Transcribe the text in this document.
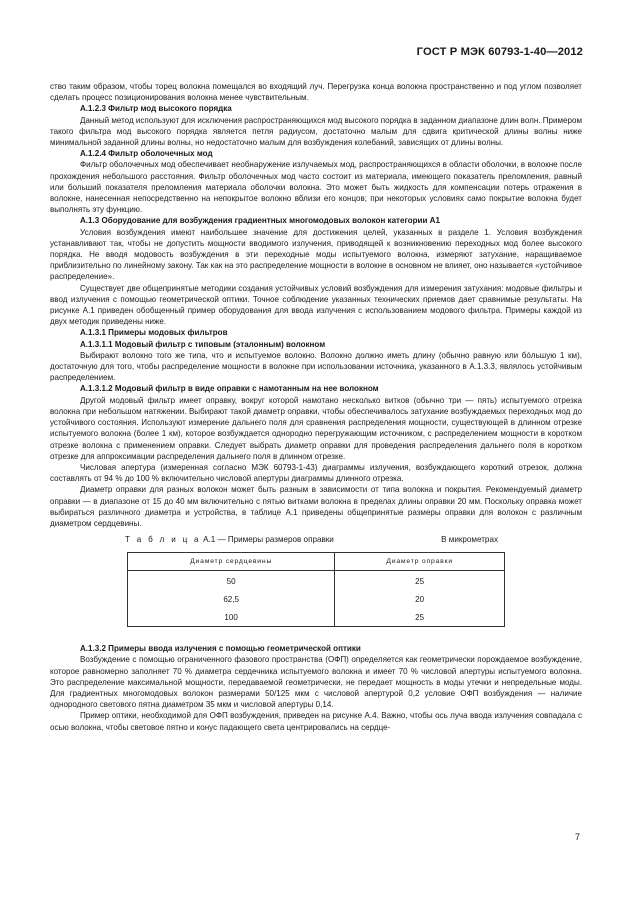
ГОСТ Р МЭК 60793-1-40—2012
ство таким образом, чтобы торец волокна помещался во входящий луч. Перегрузка конца волокна пространственно и под углом позволяет сделать процесс позиционирования волокна менее чувствительным.
А.1.2.3 Фильтр мод высокого порядка
Данный метод используют для исключения распространяющихся мод высокого порядка в заданном диапазоне длин волн. Примером такого фильтра мод высокого порядка является петля радиусом, достаточно малым для сдвига критической длины волны ниже минимальной заданной длины волны, но недостаточно малым для возбуждения колебаний, зависящих от длины волны.
А.1.2.4 Фильтр оболочечных мод
Фильтр оболочечных мод обеспечивает необнаружение излучаемых мод, распространяющихся в области оболочки, в волокне после прохождения небольшого расстояния. Фильтр оболочечных мод часто состоит из материала, имеющего показатель преломления, равный или больший показателя преломления материала оболочки волокна. Это может быть жидкость для компенсации потерь отражения в волокне, нанесенная непосредственно на непокрытое волокно вблизи его концов; при некоторых условиях само покрытие волокна будет выполнять эту функцию.
А.1.3 Оборудование для возбуждения градиентных многомодовых волокон категории А1
Условия возбуждения имеют наибольшее значение для достижения целей, указанных в разделе 1. Условия возбуждения устанавливают так, чтобы не допустить мощности вводимого излучения, приводящей к возникновению переходных мод более высокого порядка. Не вводя модовость возбуждения в эти переходные моды испытуемого волокна, измеряют затухание, наращиваемое приблизительно по линейному закону. Так как на это распределение мощности в волокне в основном не влияет, оно называется «устойчивое распределение».
Существует две общепринятые методики создания устойчивых условий возбуждения для измерения затухания: модовые фильтры и ввод излучения с помощью геометрической оптики. Точное соблюдение указанных технических приемов дает сравнимые результаты. На рисунке А.1 приведен обобщенный пример оборудования для ввода излучения с использованием модового фильтра. Примеры каждой из двух методик приведены ниже.
А.1.3.1 Примеры модовых фильтров
А.1.3.1.1 Модовый фильтр с типовым (эталонным) волокном
Выбирают волокно того же типа, что и испытуемое волокно. Волокно должно иметь длину (обычно равную или бóльшую 1 км), достаточную для того, чтобы распределение мощности в волокне при использовании источника, указанного в А.1.3.3, являлось устойчивым распределением.
А.1.3.1.2 Модовый фильтр в виде оправки с намотанным на нее волокном
Другой модовый фильтр имеет оправку, вокруг которой намотано несколько витков (обычно три — пять) испытуемого отрезка волокна при небольшом натяжении. Выбирают такой диаметр оправки, чтобы обеспечивалось затухание возбуждаемых переходных мод до устойчивого состояния. Используют измерение дальнего поля для сравнения распределения мощности, существующей в длинном отрезке испытуемого волокна (более 1 км), которое возбуждается однородно перегружающим источником, с распределением мощности в коротком отрезке волокна с применением оправки. Следует выбрать диаметр оправки для проведения распределения дальнего поля в коротком отрезке для аппроксимации распределения дальнего поля в длинном отрезке.
Числовая апертура (измеренная согласно МЭК 60793-1-43) диаграммы излучения, возбуждающего короткий отрезок, должна составлять от 94 % до 100 % включительно числовой апертуры диаграммы длинного отрезка.
Диаметр оправки для разных волокон может быть разным в зависимости от типа волокна и покрытия. Рекомендуемый диаметр оправки — в диапазоне от 15 до 40 мм включительно с пятью витками волокна в пределах длины оправки 20 мм. Поскольку оправка может выбираться различного диаметра и устройства, в таблице А.1 приведены общепринятые размеры оправки для волокон с различным диаметром сердцевины.
Т а б л и ц а А.1 — Примеры размеров оправки	В микрометрах
Диаметр сердцевины	Диаметр оправки
50	25
62,5	20
100	25
А.1.3.2 Примеры ввода излучения с помощью геометрической оптики
Возбуждение с помощью ограниченного фазового пространства (ОФП) определяется как геометрически порождаемое возбуждение, которое равномерно заполняет 70 % диаметра сердечника испытуемого волокна и имеет 70 % числовой апертуры испытуемого волокна. Это распределение максимальной мощности, передаваемой геометрически, не передает мощность в моды утечки и непредельные моды. Для градиентных многомодовых волокон размерами 50/125 мкм с числовой апертурой 0,2 условие ОФП возбуждения — наличие однородного светового пятна диаметром 35 мкм и числовой апертуры 0,14.
Пример оптики, необходимой для ОФП возбуждения, приведен на рисунке А.4. Важно, чтобы ось луча ввода излучения совпадала с осью волокна, чтобы световое пятно и конус падающего света центрировались на сердце-
7
